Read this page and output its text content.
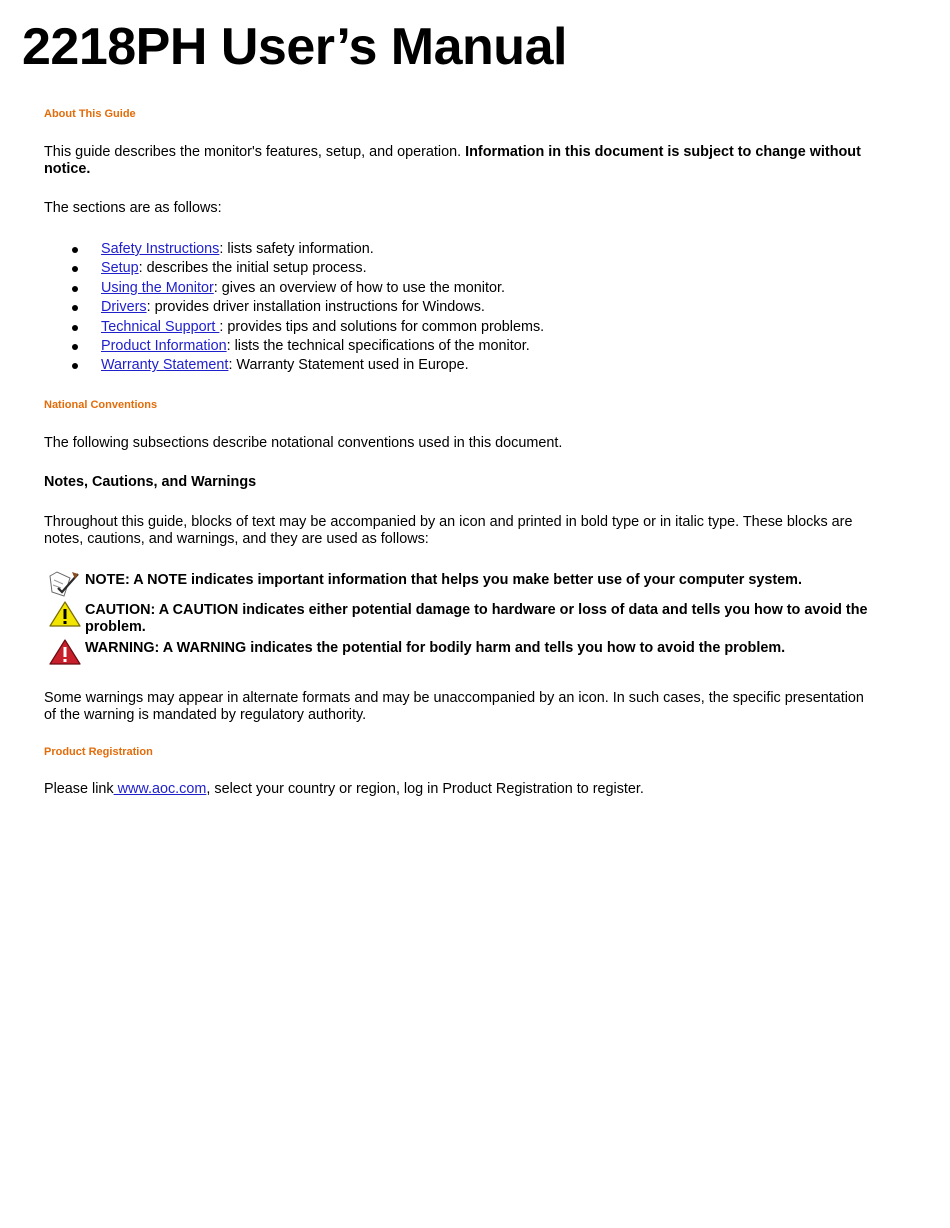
2218PH User’s Manual
About This Guide

This guide describes the monitor's features, setup, and operation. Information in this document is subject to change without notice.

The sections are as follows:

Safety Instructions: lists safety information.
Setup: describes the initial setup process.
Using the Monitor: gives an overview of how to use the monitor.
Drivers: provides driver installation instructions for Windows.
Technical Support : provides tips and solutions for common problems.
Product Information: lists the technical specifications of the monitor.
Warranty Statement: Warranty Statement used in Europe.
National Conventions

The following subsections describe notational conventions used in this document.

Notes, Cautions, and Warnings

Throughout this guide, blocks of text may be accompanied by an icon and printed in bold type or in italic type. These blocks are notes, cautions, and warnings, and they are used as follows:

NOTE: A NOTE indicates important information that helps you make better use of your computer system.

CAUTION: A CAUTION indicates either potential damage to hardware or loss of data and tells you how to avoid the problem.

WARNING: A WARNING indicates the potential for bodily harm and tells you how to avoid the problem.

Some warnings may appear in alternate formats and may be unaccompanied by an icon. In such cases, the specific presentation of the warning is mandated by regulatory authority.

Product Registration

Please link www.aoc.com, select your country or region, log in Product Registration to register.
